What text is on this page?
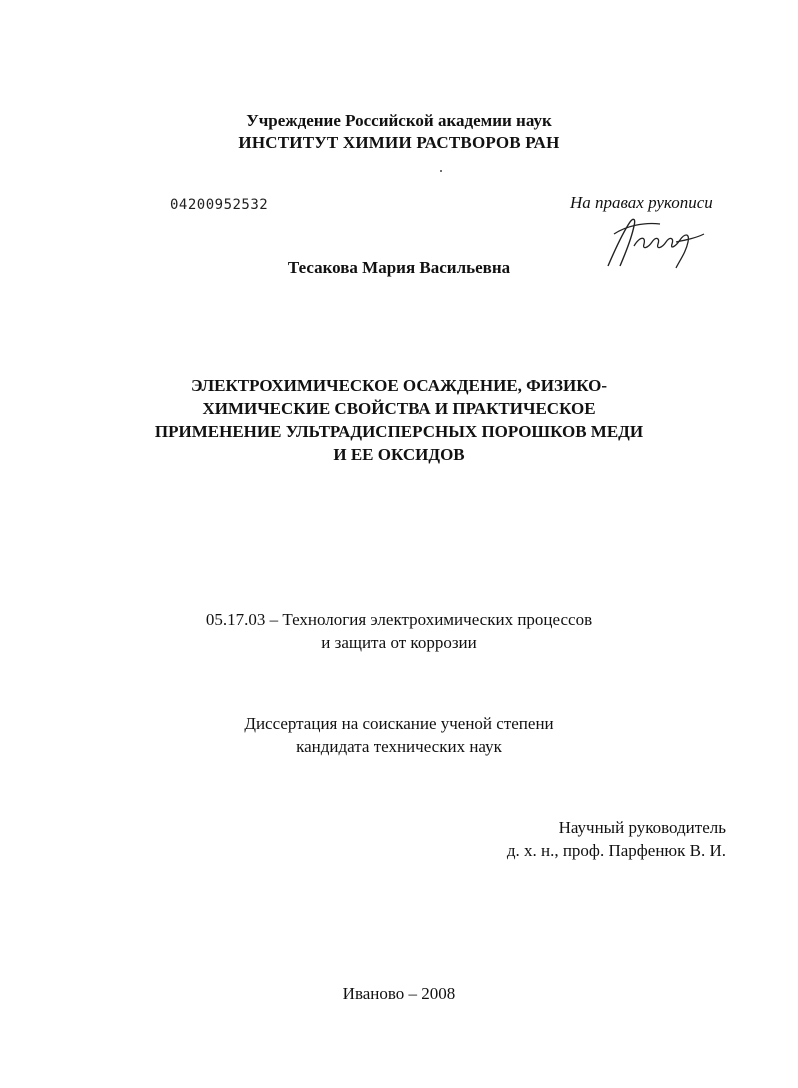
Учреждение Российской академии наук
ИНСТИТУТ ХИМИИ РАСТВОРОВ РАН
04200952532	На правах рукописи
Тесакова Мария Васильевна
ЭЛЕКТРОХИМИЧЕСКОЕ ОСАЖДЕНИЕ, ФИЗИКО-
ХИМИЧЕСКИЕ СВОЙСТВА И ПРАКТИЧЕСКОЕ
ПРИМЕНЕНИЕ УЛЬТРАДИСПЕРСНЫХ ПОРОШКОВ МЕДИ
И ЕЕ ОКСИДОВ
05.17.03 – Технология электрохимических процессов
и защита от коррозии
Диссертация на соискание ученой степени
кандидата технических наук
Научный руководитель
д. х. н., проф. Парфенюк В. И.
Иваново – 2008
